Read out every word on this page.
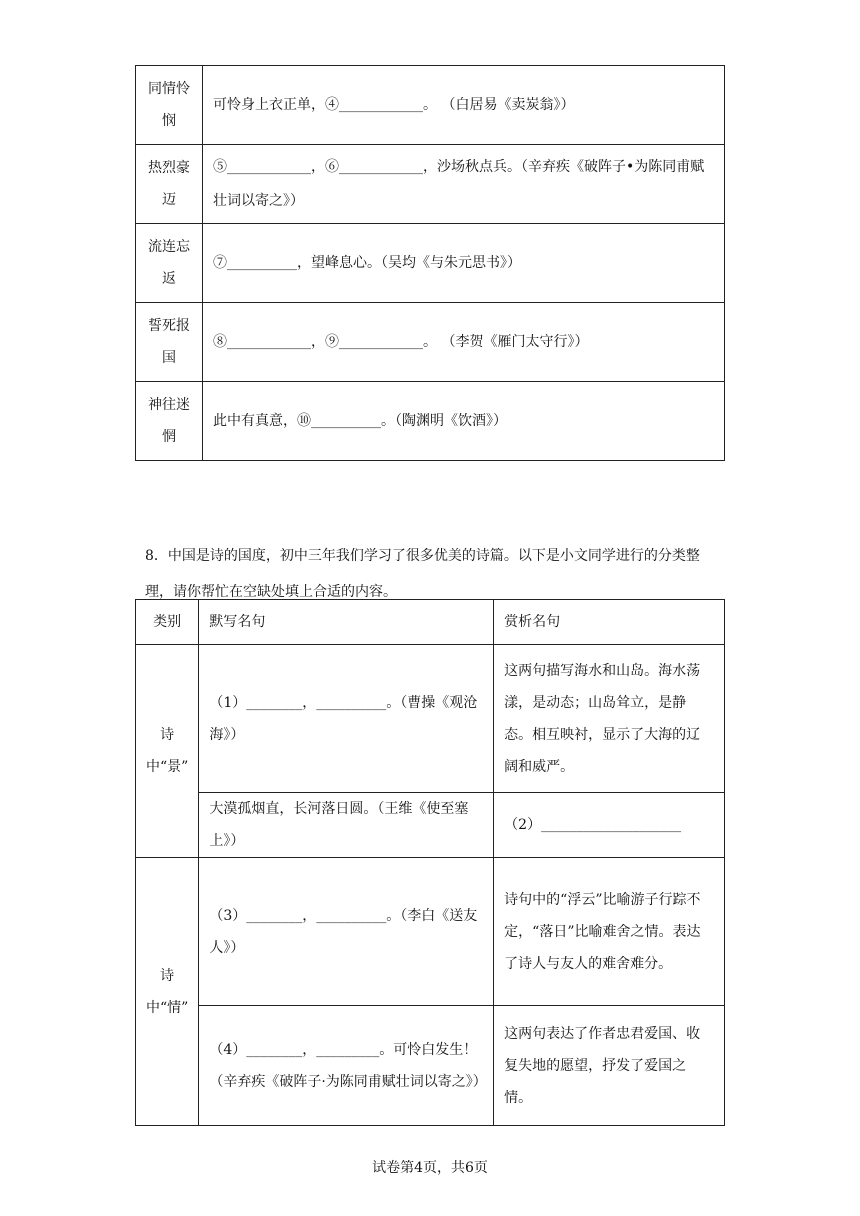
同情怜悯	可怜身上衣正单，④____________。 （白居易《卖炭翁》）
热烈豪迈	⑤____________，⑥____________，沙场秋点兵。（辛弃疾《破阵子•为陈同甫赋壮词以寄之》）
流连忘返	⑦__________，望峰息心。（吴均《与朱元思书》）
誓死报国	⑧____________，⑨____________。 （李贺《雁门太守行》）
神往迷惘	此中有真意，⑩__________。（陶渊明《饮酒》）
8．中国是诗的国度，初中三年我们学习了很多优美的诗篇。以下是小文同学进行的分类整理，请你帮忙在空缺处填上合适的内容。
类别	默写名句	赏析名句
诗中“景”	（1）________，__________。（曹操《观沧海》）	这两句描写海水和山岛。海水荡漾，是动态；山岛耸立，是静态。相互映衬，显示了大海的辽阔和威严。
	大漠孤烟直，长河落日圆。（王维《使至塞上》）	（2）____________________
诗中“情”	（3）________，__________。（李白《送友人》）	诗句中的“浮云”比喻游子行踪不定，“落日”比喻难舍之情。表达了诗人与友人的难舍难分。
	（4）________，_________。可怜白发生！（辛弃疾《破阵子·为陈同甫赋壮词以寄之》）	这两句表达了作者忠君爱国、收复失地的愿望，抒发了爱国之情。
试卷第4页，共6页
